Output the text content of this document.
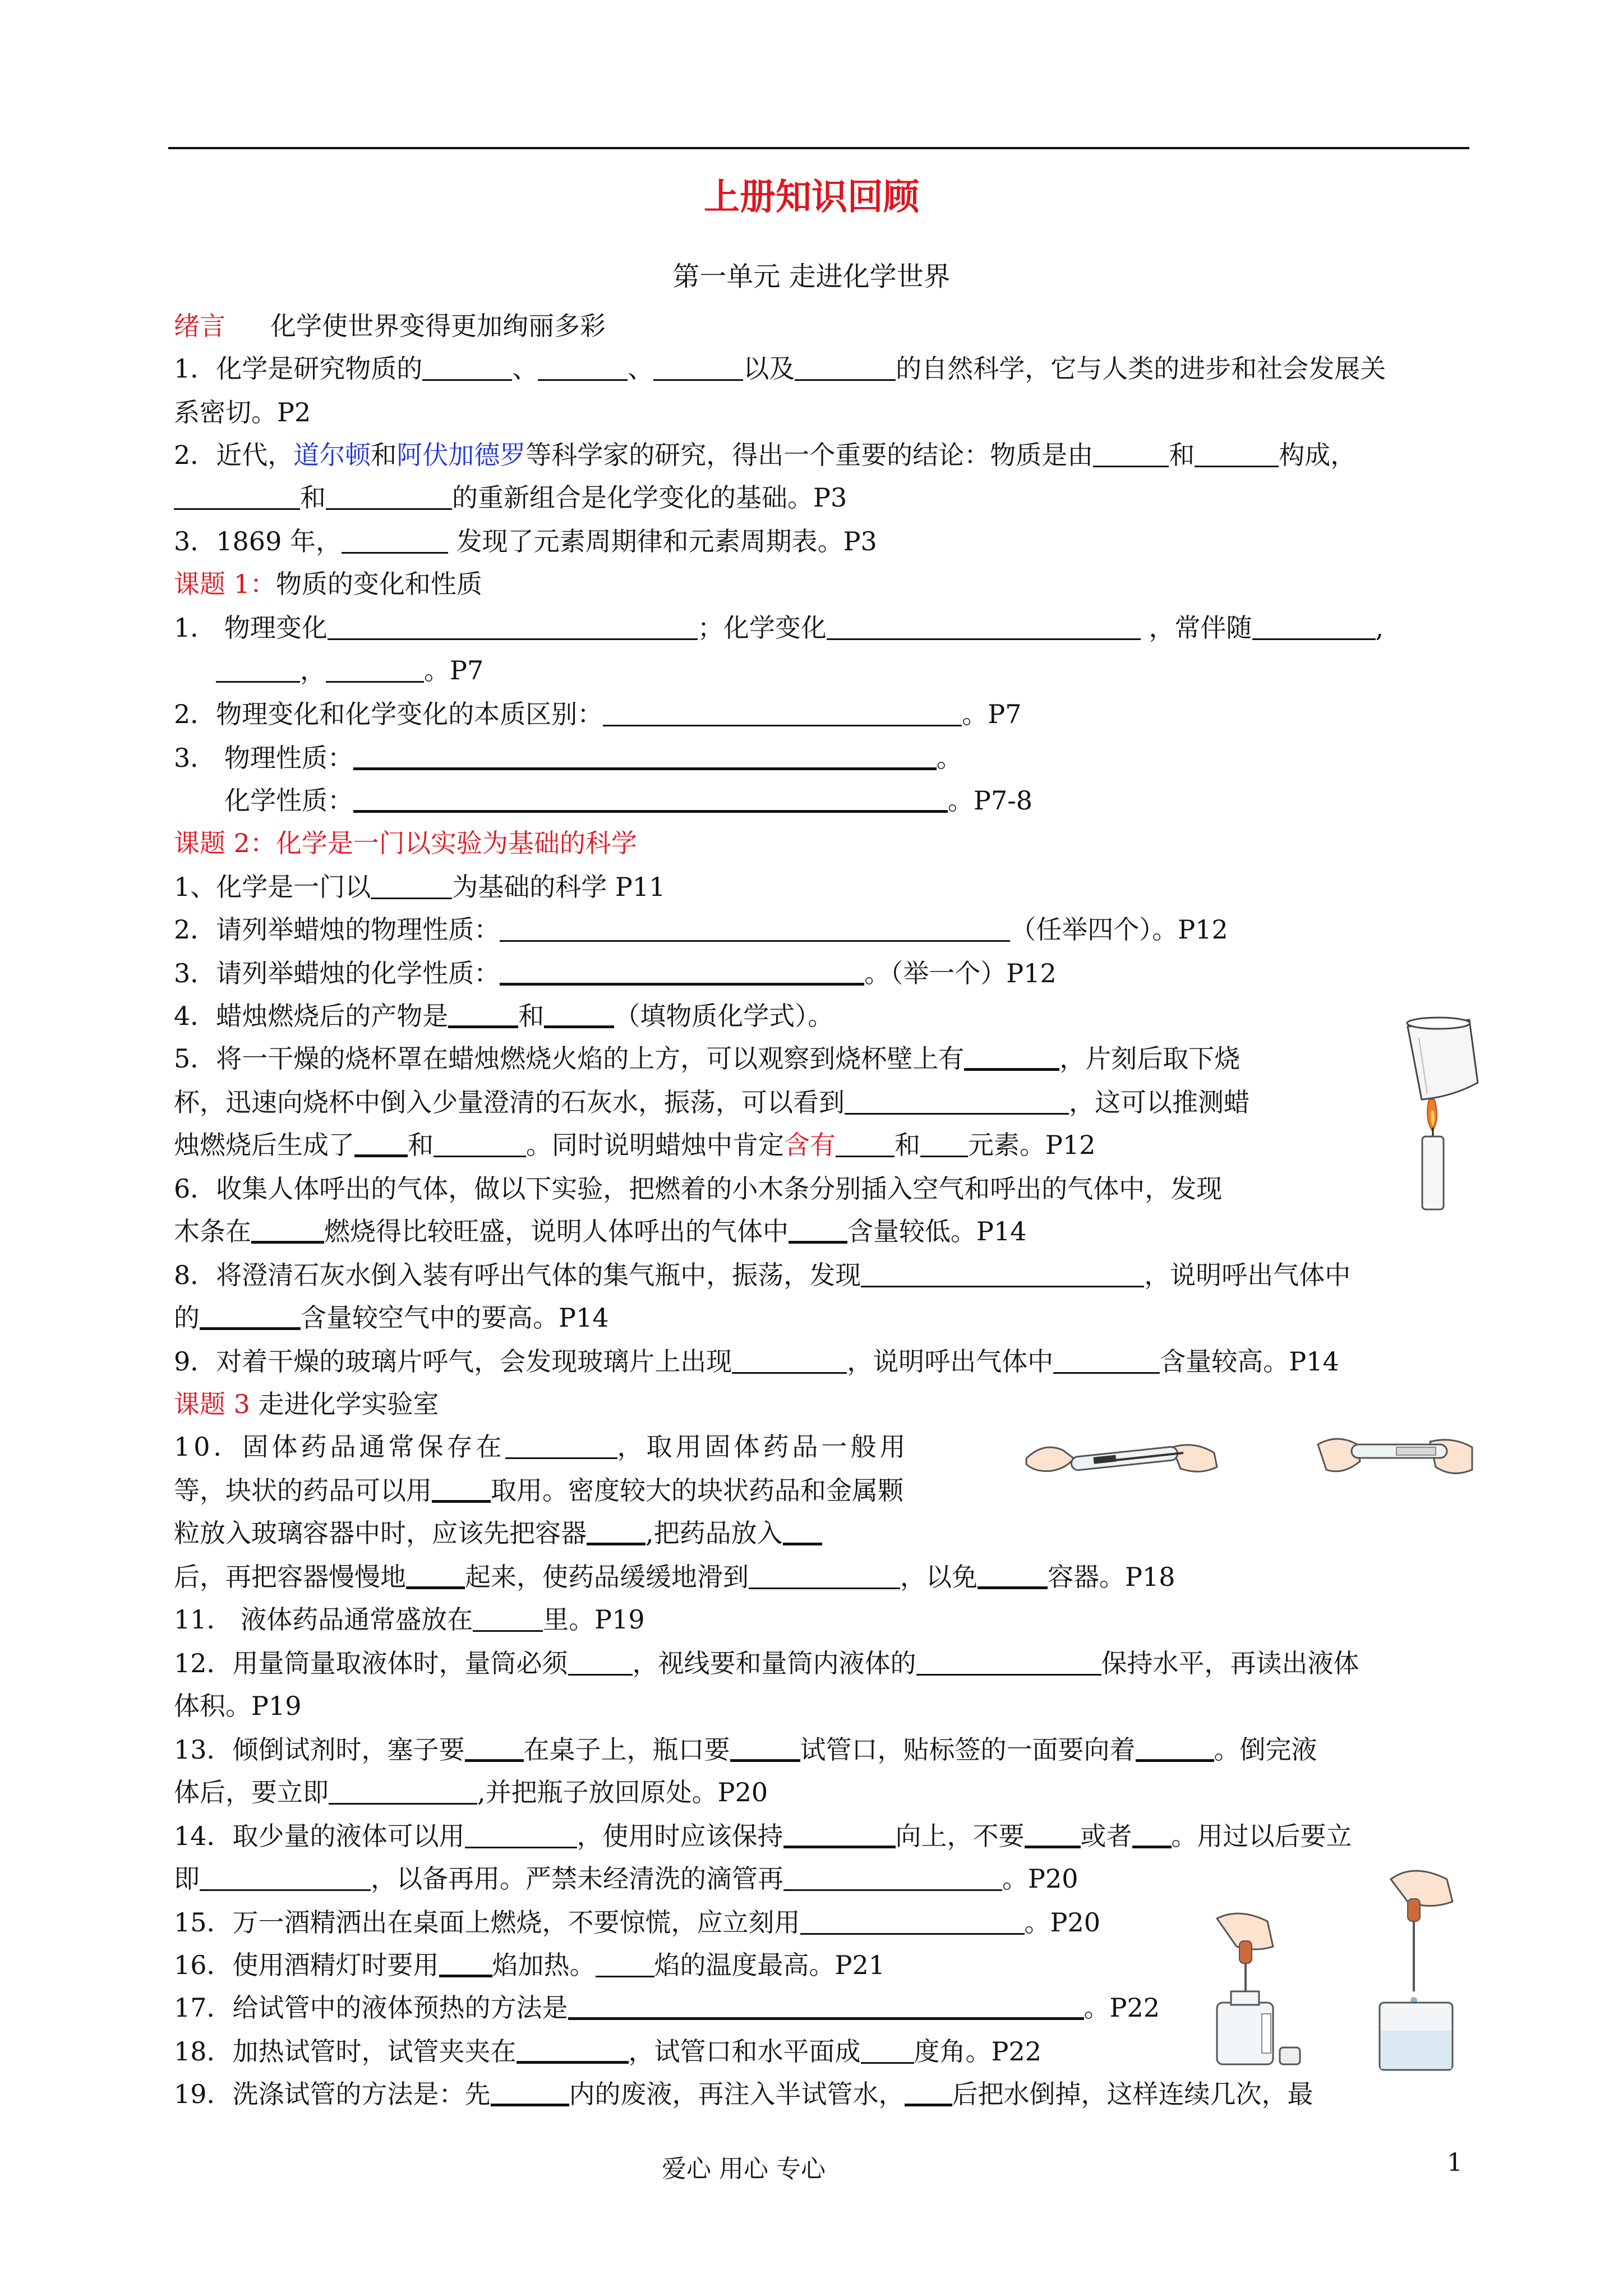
上册知识回顾
第一单元 走进化学世界
绪言 化学使世界变得更加绚丽多彩
1．化学是研究物质的	、	、	以及	的自然科学，它与人类的进步和社会发展关
系密切。P2
2．近代，道尔顿和阿伏加德罗等科学家的研究，得出一个重要的结论：物质是由	和	构成，
和	的重新组合是化学变化的基础。P3
3．1869 年，	发现了元素周期律和元素周期表。P3
课题 1：物质的变化和性质
1． 物理变化	；化学变化	，常伴随	,
，	。P7
2．物理变化和化学变化的本质区别：	。P7
3． 物理性质：	。
化学性质：	。P7-8
课题 2：化学是一门以实验为基础的科学
1、化学是一门以	为基础的科学 P11
2．请列举蜡烛的物理性质：	（任举四个）。P12
3．请列举蜡烛的化学性质：	。（举一个）P12
4．蜡烛燃烧后的产物是	和	（填物质化学式）。
5．将一干燥的烧杯罩在蜡烛燃烧火焰的上方，可以观察到烧杯壁上有	，片刻后取下烧
杯，迅速向烧杯中倒入少量澄清的石灰水，振荡，可以看到	，这可以推测蜡
烛燃烧后生成了 和	。同时说明蜡烛中肯定含有 和 元素。P12
6．收集人体呼出的气体，做以下实验，把燃着的小木条分别插入空气和呼出的气体中，发现
木条在	燃烧得比较旺盛，说明人体呼出的气体中 含量较低。P14
8．将澄清石灰水倒入装有呼出气体的集气瓶中，振荡，发现	，说明呼出气体中
的	含量较空气中的要高。P14
9．对着干燥的玻璃片呼气，会发现玻璃片上出现	，说明呼出气体中	含量较高。P14
课题 3 走进化学实验室
10．固体药品通常保存在	，取用固体药品一般用
等，块状的药品可以用 取用。密度较大的块状药品和金属颗
粒放入玻璃容器中时，应该先把容器 ,把药品放入
后，再把容器慢慢地 起来，使药品缓缓地滑到	，以免	容器。P18
11． 液体药品通常盛放在	里。P19
12．用量筒量取液体时，量筒必须	，视线要和量筒内液体的	保持水平，再读出液体
体积。P19
13．倾倒试剂时，塞子要 在桌子上，瓶口要	试管口，贴标签的一面要向着	。倒完液
体后，要立即	,并把瓶子放回原处。P20
14．取少量的液体可以用	，使用时应该保持	向上，不要 或者 。用过以后要立
即	，以备再用。严禁未经清洗的滴管再	。P20
15．万一酒精洒出在桌面上燃烧，不要惊慌，应立刻用	。P20
16．使用酒精灯时要用 焰加热。 焰的温度最高。P21
17．给试管中的液体预热的方法是	。P22
18．加热试管时，试管夹夹在	，试管口和水平面成 度角。P22
19．洗涤试管的方法是：先	内的废液，再注入半试管水， 后把水倒掉，这样连续几次，最
爱心 用心 专心	1
